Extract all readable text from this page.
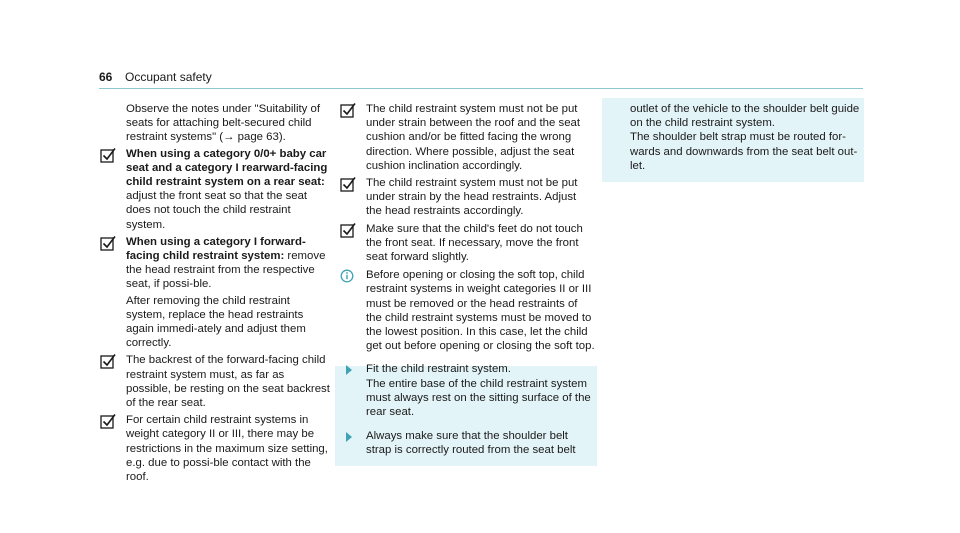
66 Occupant safety

Observe the notes under "Suitability of seats for attaching belt-secured child restraint systems" (→ page 63).

When using a category 0/0+ baby car seat and a category I rearward-facing child restraint system on a rear seat: adjust the front seat so that the seat does not touch the child restraint system.

When using a category I forward-facing child restraint system: remove the head restraint from the respective seat, if possi-ble.

After removing the child restraint system, replace the head restraints again immedi-ately and adjust them correctly.

The backrest of the forward-facing child restraint system must, as far as possible, be resting on the seat backrest of the rear seat.

For certain child restraint systems in weight category II or III, there may be restrictions in the maximum size setting, e.g. due to possi-ble contact with the roof.

The child restraint system must not be put under strain between the roof and the seat cushion and/or be fitted facing the wrong direction. Where possible, adjust the seat cushion inclination accordingly.

The child restraint system must not be put under strain by the head restraints. Adjust the head restraints accordingly.

Make sure that the child's feet do not touch the front seat. If necessary, move the front seat forward slightly.

Before opening or closing the soft top, child restraint systems in weight categories II or III must be removed or the head restraints of the child restraint systems must be moved to the lowest position. In this case, let the child get out before opening or closing the soft top.

Fit the child restraint system.

The entire base of the child restraint system must always rest on the sitting surface of the rear seat.

Always make sure that the shoulder belt strap is correctly routed from the seat belt

outlet of the vehicle to the shoulder belt guide on the child restraint system.

The shoulder belt strap must be routed for-wards and downwards from the seat belt out-let.
